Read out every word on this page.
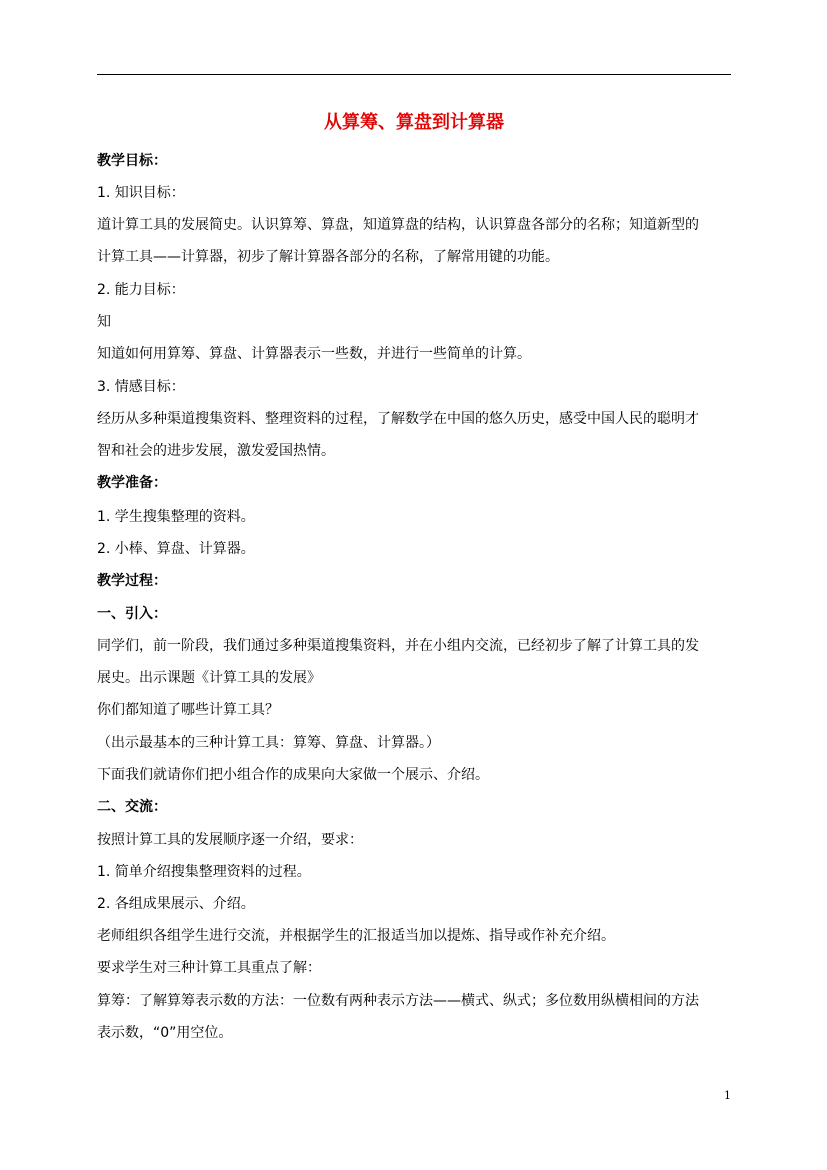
从算筹、算盘到计算器
教学目标：
1. 知识目标：
道计算工具的发展简史。认识算筹、算盘，知道算盘的结构，认识算盘各部分的名称；知道新型的
计算工具——计算器，初步了解计算器各部分的名称，了解常用键的功能。
2. 能力目标：
知
知道如何用算筹、算盘、计算器表示一些数，并进行一些简单的计算。
3. 情感目标：
经历从多种渠道搜集资料、整理资料的过程，了解数学在中国的悠久历史，感受中国人民的聪明才
智和社会的进步发展，激发爱国热情。
教学准备：
1. 学生搜集整理的资料。
2. 小棒、算盘、计算器。
教学过程：
一、引入：
同学们，前一阶段，我们通过多种渠道搜集资料，并在小组内交流，已经初步了解了计算工具的发
展史。出示课题《计算工具的发展》
你们都知道了哪些计算工具？
（出示最基本的三种计算工具：算筹、算盘、计算器。）
下面我们就请你们把小组合作的成果向大家做一个展示、介绍。
二、交流：
按照计算工具的发展顺序逐一介绍，要求：
1. 简单介绍搜集整理资料的过程。
2. 各组成果展示、介绍。
老师组织各组学生进行交流，并根据学生的汇报适当加以提炼、指导或作补充介绍。
要求学生对三种计算工具重点了解：
算筹：了解算筹表示数的方法：一位数有两种表示方法——横式、纵式；多位数用纵横相间的方法
表示数，“0”用空位。
1
